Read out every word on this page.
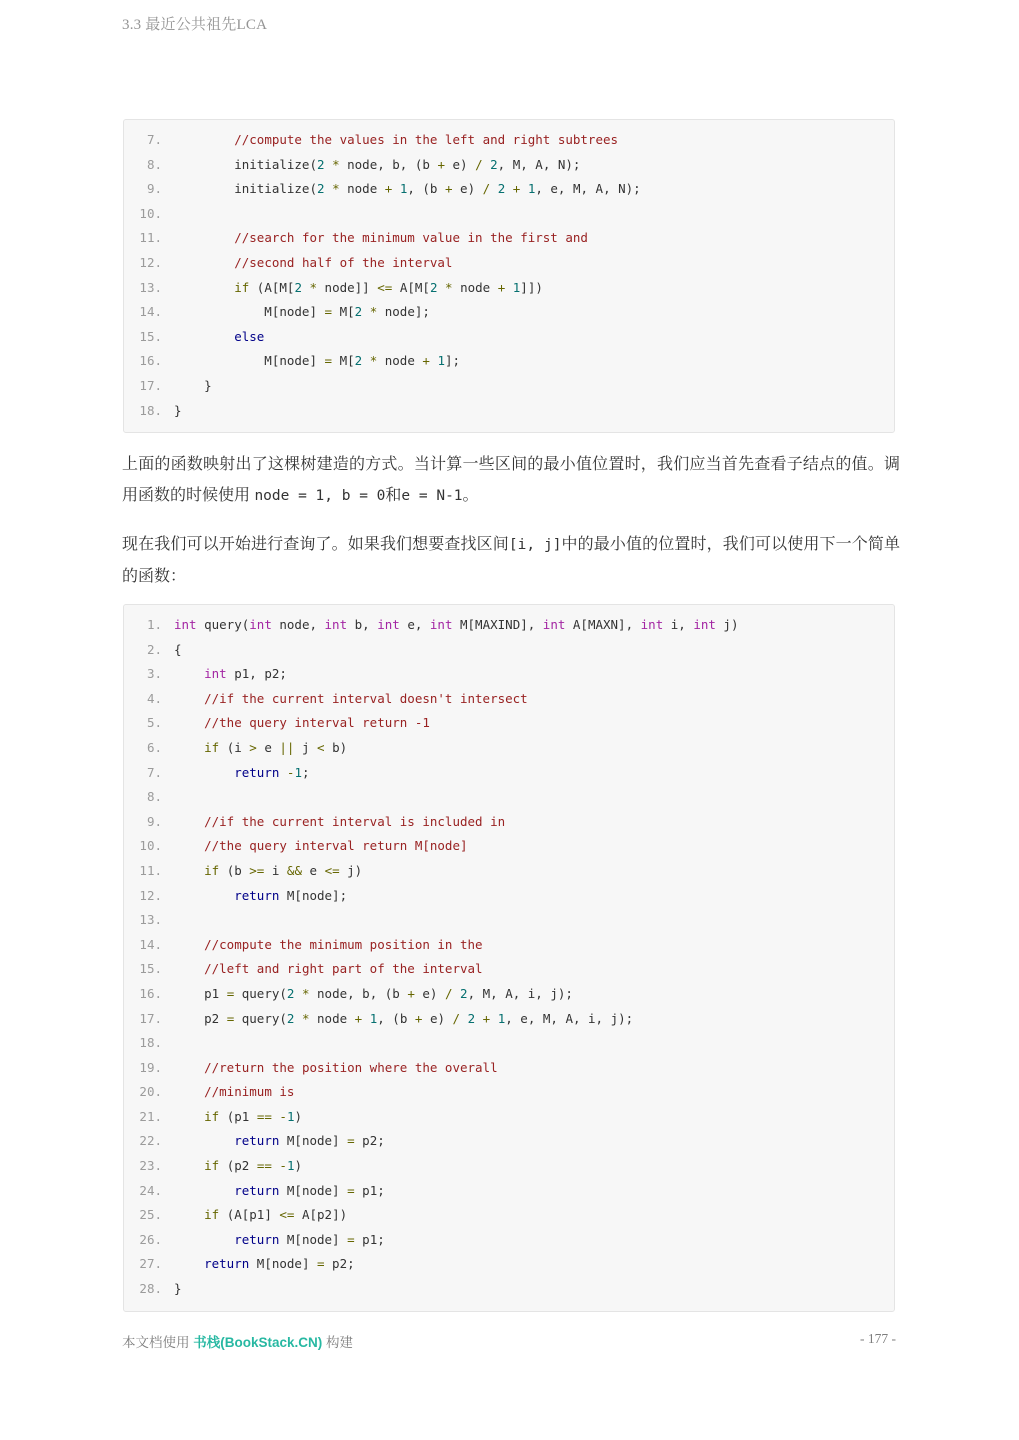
3.3 最近公共祖先LCA
7.	//compute the values in the left and right subtrees
8. initialize(2 * node, b, (b + e) / 2, M, A, N);
9. initialize(2 * node + 1, (b + e) / 2 + 1, e, M, A, N);
10.
11.	//search for the minimum value in the first and
12.	//second half of the interval
13.	if (A[M[2 * node]] <= A[M[2 * node + 1]])
14. M[node] = M[2 * node];
15.	else
16. M[node] = M[2 * node + 1];
17. }
18. }

上面的函数映射出了这棵树建造的方式。当计算一些区间的最小值位置时，我们应当首先查看子结点的值。调用函数的时候使用 node = 1, b = 0和e = N-1。

现在我们可以开始进行查询了。如果我们想要查找区间[i, j]中的最小值的位置时，我们可以使用下一个简单的函数：

1. int query(int node, int b, int e, int M[MAXIND], int A[MAXN], int i, int j)
2. {
3.	int p1, p2;
4.	//if the current interval doesn't intersect
5.	//the query interval return -1
6.	if (i > e || j < b)
7.	return -1;
8.
9.	//if the current interval is included in
10.	//the query interval return M[node]
11.	if (b >= i && e <= j)
12.	return M[node];
13.
14.	//compute the minimum position in the
15.	//left and right part of the interval
16. p1 = query(2 * node, b, (b + e) / 2, M, A, i, j);
17. p2 = query(2 * node + 1, (b + e) / 2 + 1, e, M, A, i, j);
18.
19.	//return the position where the overall
20.	//minimum is
21.	if (p1 == -1)
22.	return M[node] = p2;
23.	if (p2 == -1)
24.	return M[node] = p1;
25.	if (A[p1] <= A[p2])
26.	return M[node] = p1;
27.	return M[node] = p2;
28. }
本文档使用 书栈(BookStack.CN) 构建	- 177 -
